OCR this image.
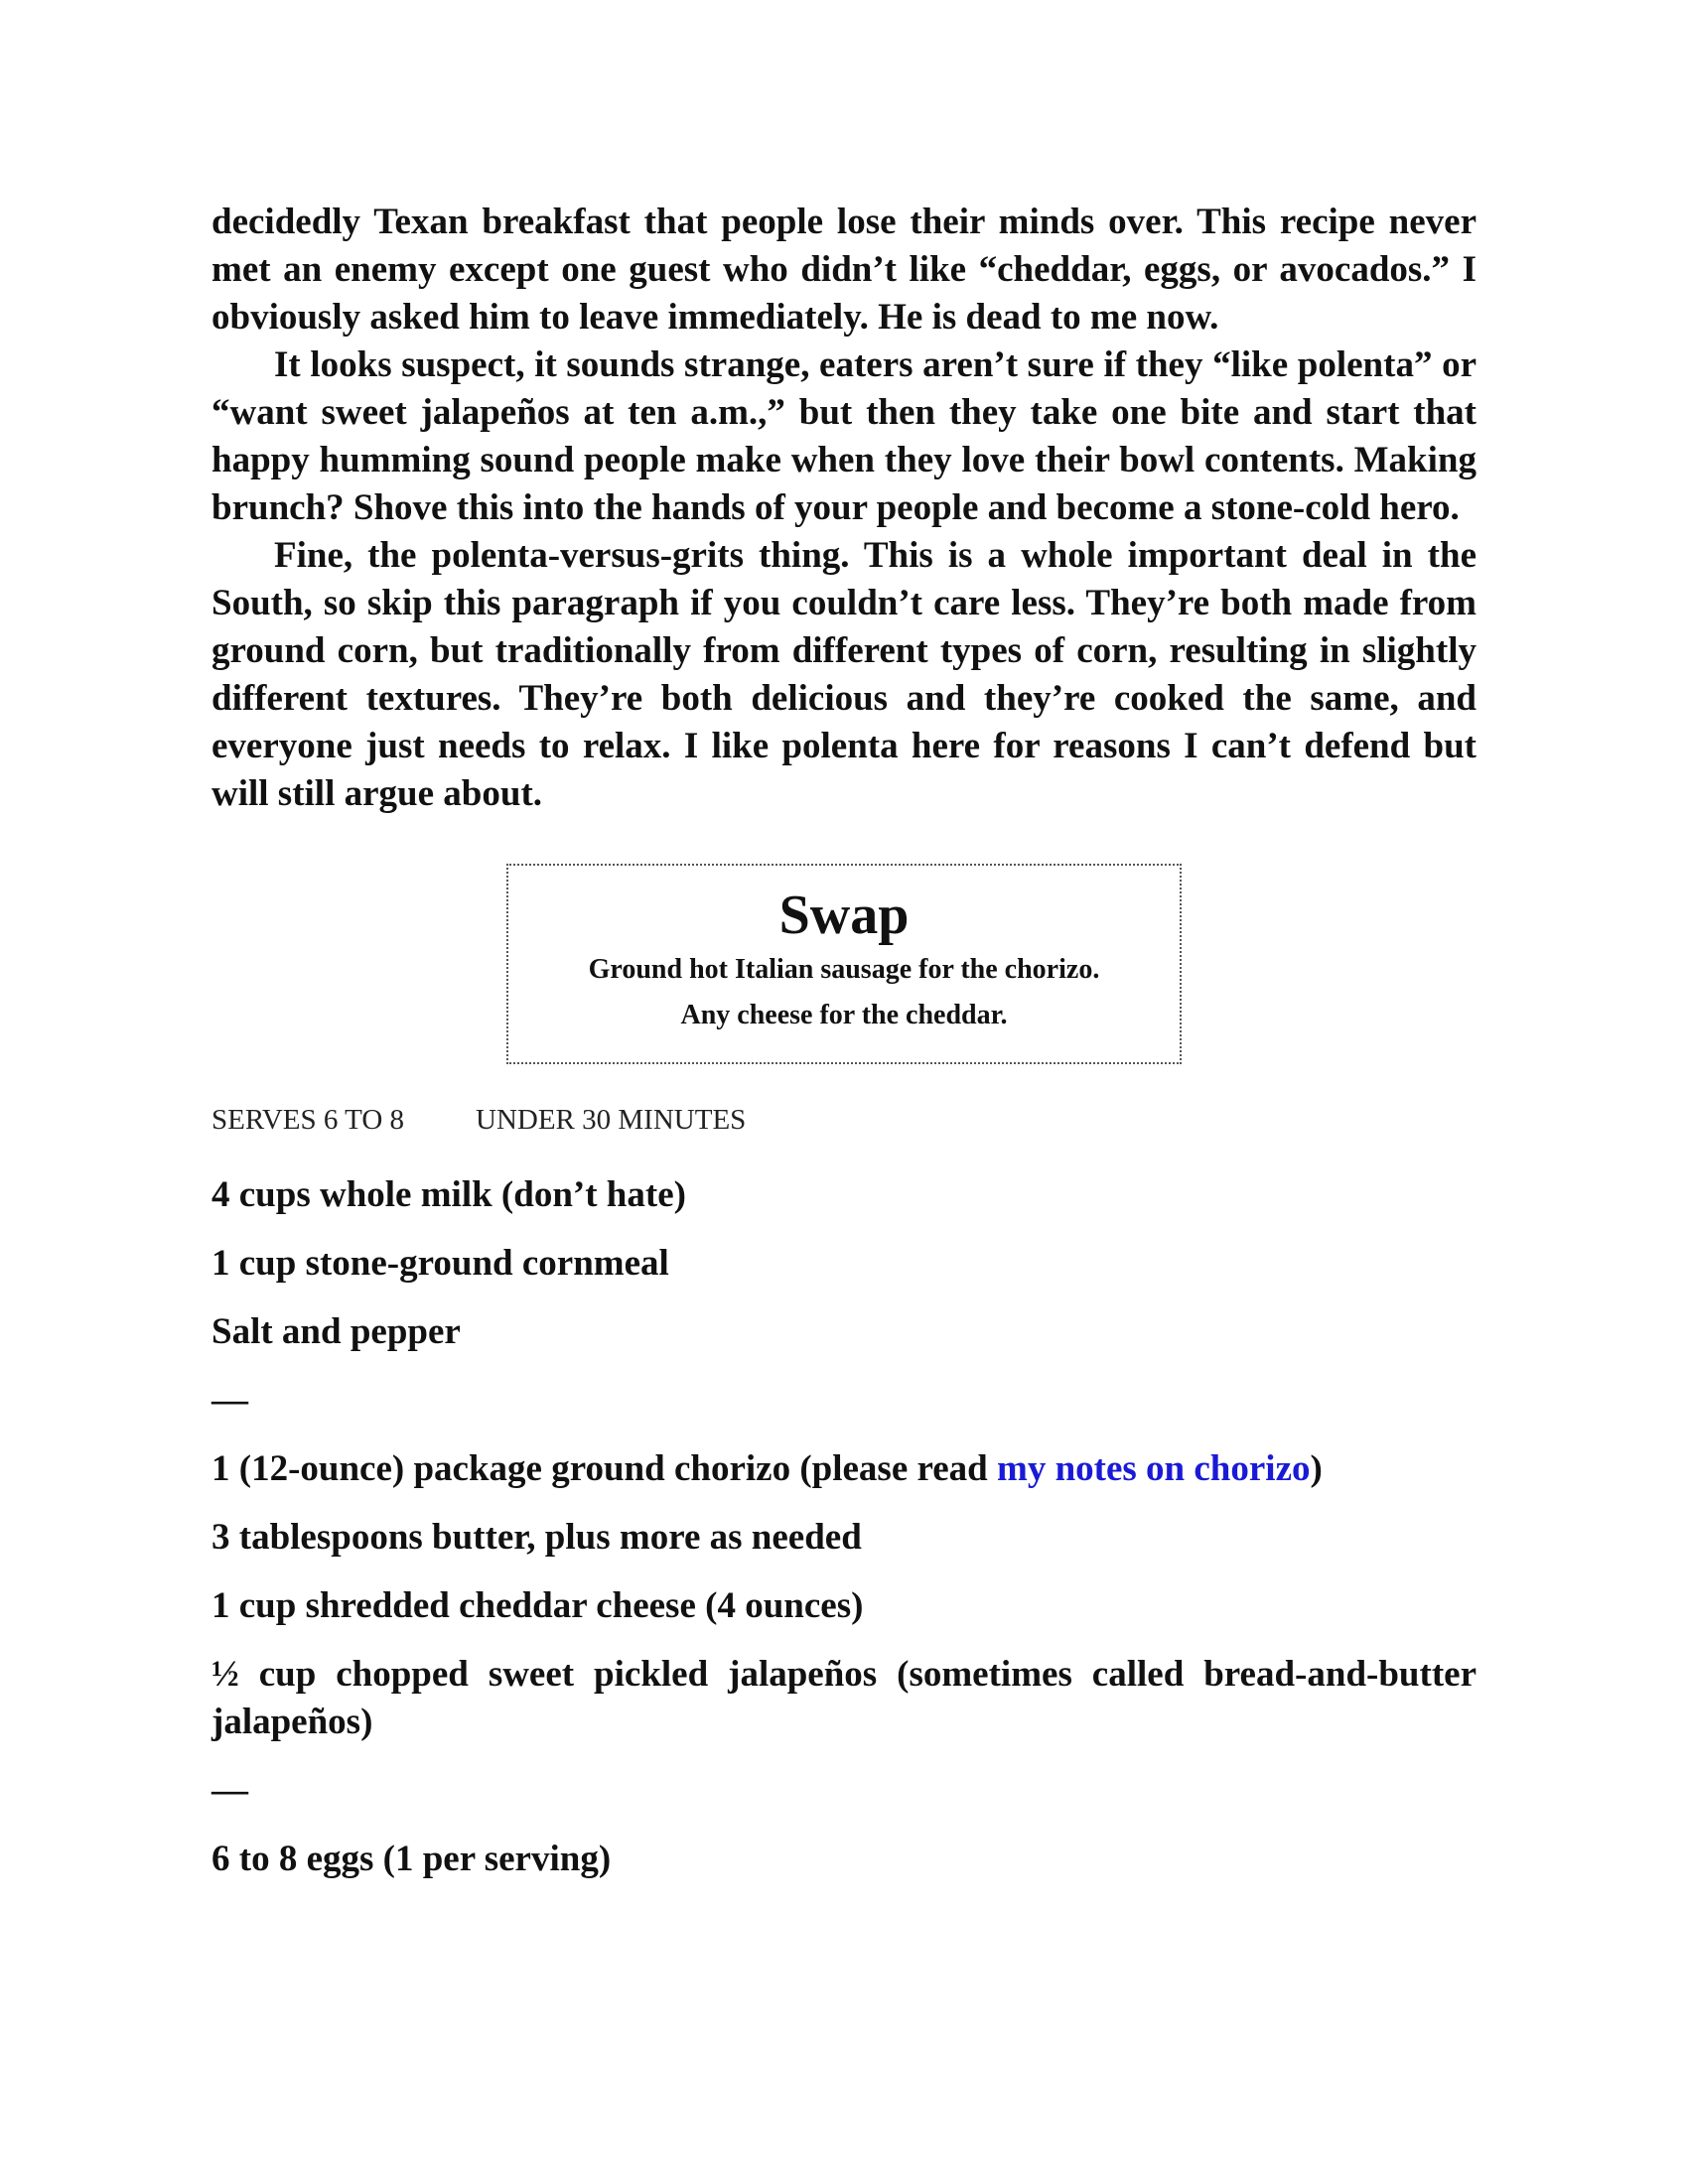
decidedly Texan breakfast that people lose their minds over. This recipe never met an enemy except one guest who didn’t like “cheddar, eggs, or avocados.” I obviously asked him to leave immediately. He is dead to me now.

It looks suspect, it sounds strange, eaters aren’t sure if they “like polenta” or “want sweet jalapeños at ten a.m.,” but then they take one bite and start that happy humming sound people make when they love their bowl contents. Making brunch? Shove this into the hands of your people and become a stone-cold hero.

Fine, the polenta-versus-grits thing. This is a whole important deal in the South, so skip this paragraph if you couldn’t care less. They’re both made from ground corn, but traditionally from different types of corn, resulting in slightly different textures. They’re both delicious and they’re cooked the same, and everyone just needs to relax. I like polenta here for reasons I can’t defend but will still argue about.

Swap
Ground hot Italian sausage for the chorizo.
Any cheese for the cheddar.
SERVES 6 TO 8 UNDER 30 MINUTES
4 cups whole milk (don’t hate)
1 cup stone-ground cornmeal
Salt and pepper
—
1 (12-ounce) package ground chorizo (please read my notes on chorizo)
3 tablespoons butter, plus more as needed
1 cup shredded cheddar cheese (4 ounces)
½ cup chopped sweet pickled jalapeños (sometimes called bread-and-butter jalapeños)
—
6 to 8 eggs (1 per serving)
